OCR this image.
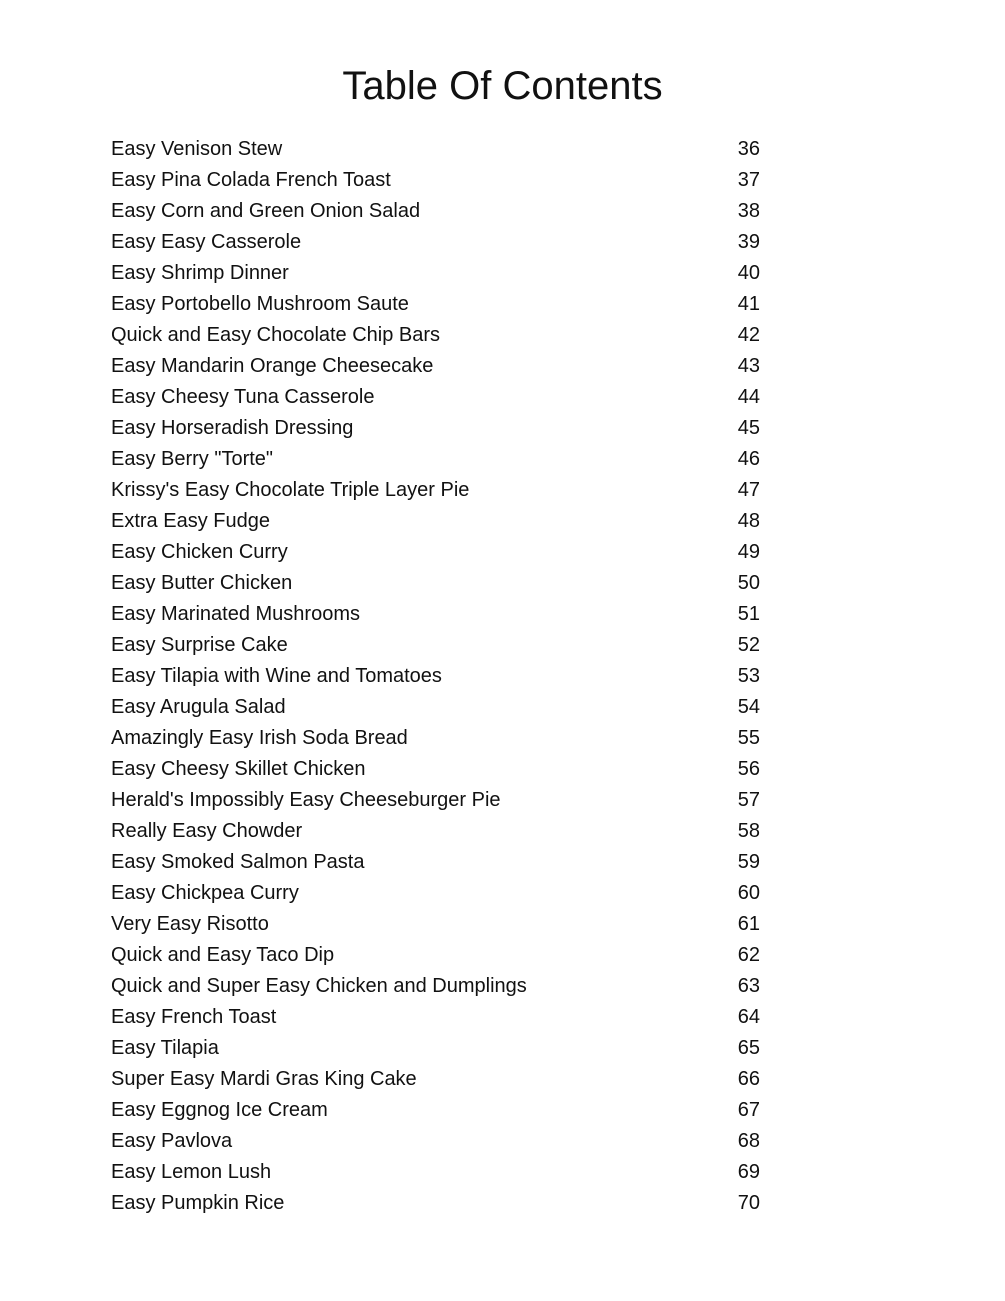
Table Of Contents
Easy Venison Stew	36
Easy Pina Colada French Toast	37
Easy Corn and Green Onion Salad	38
Easy Easy Casserole	39
Easy Shrimp Dinner	40
Easy Portobello Mushroom Saute	41
Quick and Easy Chocolate Chip Bars	42
Easy Mandarin Orange Cheesecake	43
Easy Cheesy Tuna Casserole	44
Easy Horseradish Dressing	45
Easy Berry "Torte"	46
Krissy's Easy Chocolate Triple Layer Pie	47
Extra Easy Fudge	48
Easy Chicken Curry	49
Easy Butter Chicken	50
Easy Marinated Mushrooms	51
Easy Surprise Cake	52
Easy Tilapia with Wine and Tomatoes	53
Easy Arugula Salad	54
Amazingly Easy Irish Soda Bread	55
Easy Cheesy Skillet Chicken	56
Herald's Impossibly Easy Cheeseburger Pie	57
Really Easy Chowder	58
Easy Smoked Salmon Pasta	59
Easy Chickpea Curry	60
Very Easy Risotto	61
Quick and Easy Taco Dip	62
Quick and Super Easy Chicken and Dumplings	63
Easy French Toast	64
Easy Tilapia	65
Super Easy Mardi Gras King Cake	66
Easy Eggnog Ice Cream	67
Easy Pavlova	68
Easy Lemon Lush	69
Easy Pumpkin Rice	70
